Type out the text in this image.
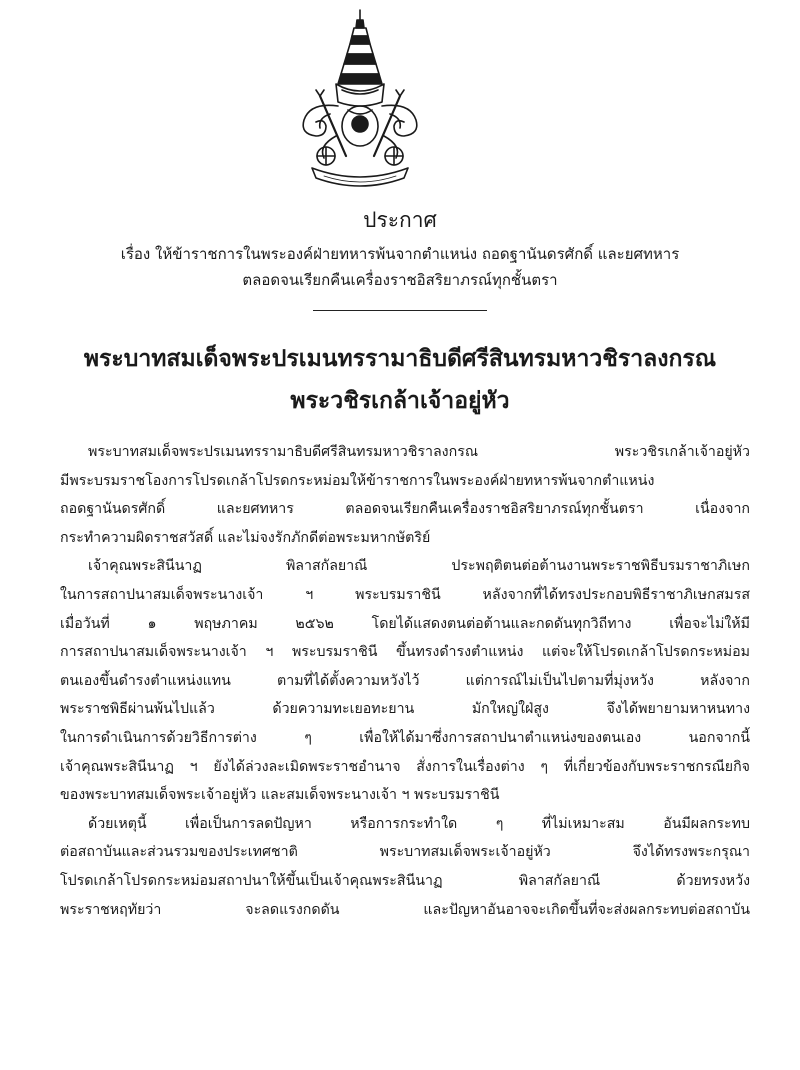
ประกาศ
เรื่อง ให้ข้าราชการในพระองค์ฝ่ายทหารพ้นจากตำแหน่ง ถอดฐานันดรศักดิ์ และยศทหาร
ตลอดจนเรียกคืนเครื่องราชอิสริยาภรณ์ทุกชั้นตรา
พระบาทสมเด็จพระปรเมนทรรามาธิบดีศรีสินทรมหาวชิราลงกรณ
พระวชิรเกล้าเจ้าอยู่หัว
พระบาทสมเด็จพระปรเมนทรรามาธิบดีศรีสินทรมหาวชิราลงกรณ พระวชิรเกล้าเจ้าอยู่หัว
มีพระบรมราชโองการโปรดเกล้าโปรดกระหม่อมให้ข้าราชการในพระองค์ฝ่ายทหารพ้นจากตำแหน่ง
ถอดฐานันดรศักดิ์ และยศทหาร ตลอดจนเรียกคืนเครื่องราชอิสริยาภรณ์ทุกชั้นตรา เนื่องจาก
กระทำความผิดราชสวัสดิ์ และไม่จงรักภักดีต่อพระมหากษัตริย์
เจ้าคุณพระสินีนาฏ พิลาสกัลยาณี ประพฤติตนต่อต้านงานพระราชพิธีบรมราชาภิเษก
ในการสถาปนาสมเด็จพระนางเจ้า ฯ พระบรมราชินี หลังจากที่ได้ทรงประกอบพิธีราชาภิเษกสมรส
เมื่อวันที่ ๑ พฤษภาคม ๒๕๖๒ โดยได้แสดงตนต่อต้านและกดดันทุกวิถีทาง เพื่อจะไม่ให้มี
การสถาปนาสมเด็จพระนางเจ้า ฯ พระบรมราชินี ขึ้นทรงดำรงตำแหน่ง แต่จะให้โปรดเกล้าโปรดกระหม่อม
ตนเองขึ้นดำรงตำแหน่งแทน ตามที่ได้ตั้งความหวังไว้ แต่การณ์ไม่เป็นไปตามที่มุ่งหวัง หลังจาก
พระราชพิธีผ่านพ้นไปแล้ว ด้วยความทะเยอทะยาน มักใหญ่ใฝ่สูง จึงได้พยายามหาหนทาง
ในการดำเนินการด้วยวิธีการต่าง ๆ เพื่อให้ได้มาซึ่งการสถาปนาตำแหน่งของตนเอง นอกจากนี้
เจ้าคุณพระสินีนาฏ ฯ ยังได้ล่วงละเมิดพระราชอำนาจ สั่งการในเรื่องต่าง ๆ ที่เกี่ยวข้องกับพระราชกรณียกิจ
ของพระบาทสมเด็จพระเจ้าอยู่หัว และสมเด็จพระนางเจ้า ฯ พระบรมราชินี
ด้วยเหตุนี้ เพื่อเป็นการลดปัญหา หรือการกระทำใด ๆ ที่ไม่เหมาะสม อันมีผลกระทบ
ต่อสถาบันและส่วนรวมของประเทศชาติ พระบาทสมเด็จพระเจ้าอยู่หัว จึงได้ทรงพระกรุณา
โปรดเกล้าโปรดกระหม่อมสถาปนาให้ขึ้นเป็นเจ้าคุณพระสินีนาฏ พิลาสกัลยาณี ด้วยทรงหวัง
พระราชหฤทัยว่า จะลดแรงกดดัน และปัญหาอันอาจจะเกิดขึ้นที่จะส่งผลกระทบต่อสถาบัน
